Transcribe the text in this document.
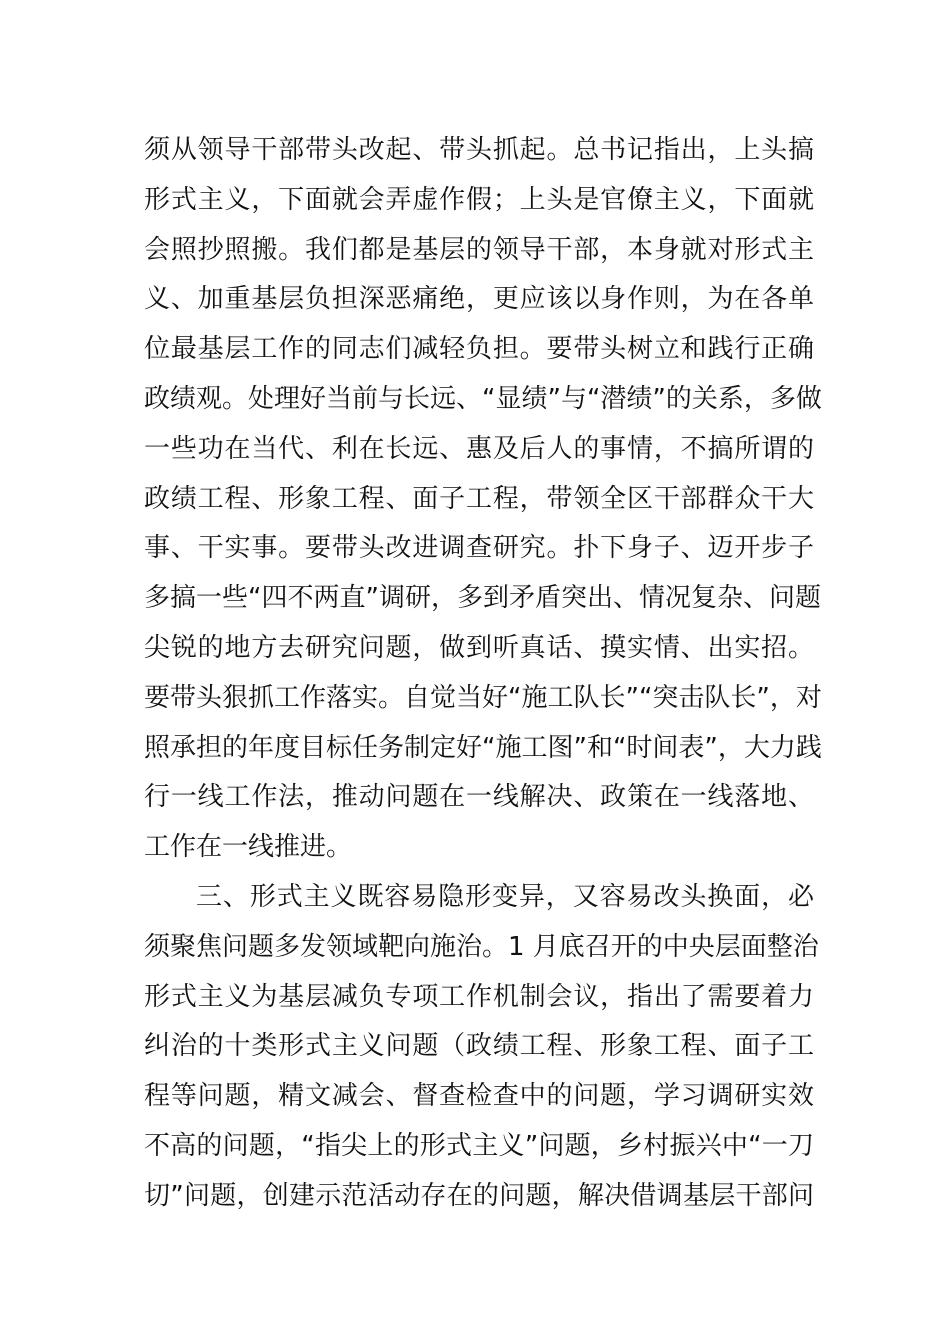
须从领导干部带头改起、带头抓起。总书记指出，上头搞
形式主义，下面就会弄虚作假；上头是官僚主义，下面就
会照抄照搬。我们都是基层的领导干部，本身就对形式主
义、加重基层负担深恶痛绝，更应该以身作则，为在各单
位最基层工作的同志们减轻负担。要带头树立和践行正确
政绩观。处理好当前与长远、“显绩”与“潜绩”的关系，多做
一些功在当代、利在长远、惠及后人的事情，不搞所谓的
政绩工程、形象工程、面子工程，带领全区干部群众干大
事、干实事。要带头改进调查研究。扑下身子、迈开步子
多搞一些“四不两直”调研，多到矛盾突出、情况复杂、问题
尖锐的地方去研究问题，做到听真话、摸实情、出实招。
要带头狠抓工作落实。自觉当好“施工队长”“突击队长”，对
照承担的年度目标任务制定好“施工图”和“时间表”，大力践
行一线工作法，推动问题在一线解决、政策在一线落地、
工作在一线推进。
三、形式主义既容易隐形变异，又容易改头换面，必
须聚焦问题多发领域靶向施治。1 月底召开的中央层面整治
形式主义为基层减负专项工作机制会议，指出了需要着力
纠治的十类形式主义问题（政绩工程、形象工程、面子工
程等问题，精文减会、督查检查中的问题，学习调研实效
不高的问题，“指尖上的形式主义”问题，乡村振兴中“一刀
切”问题，创建示范活动存在的问题，解决借调基层干部问
